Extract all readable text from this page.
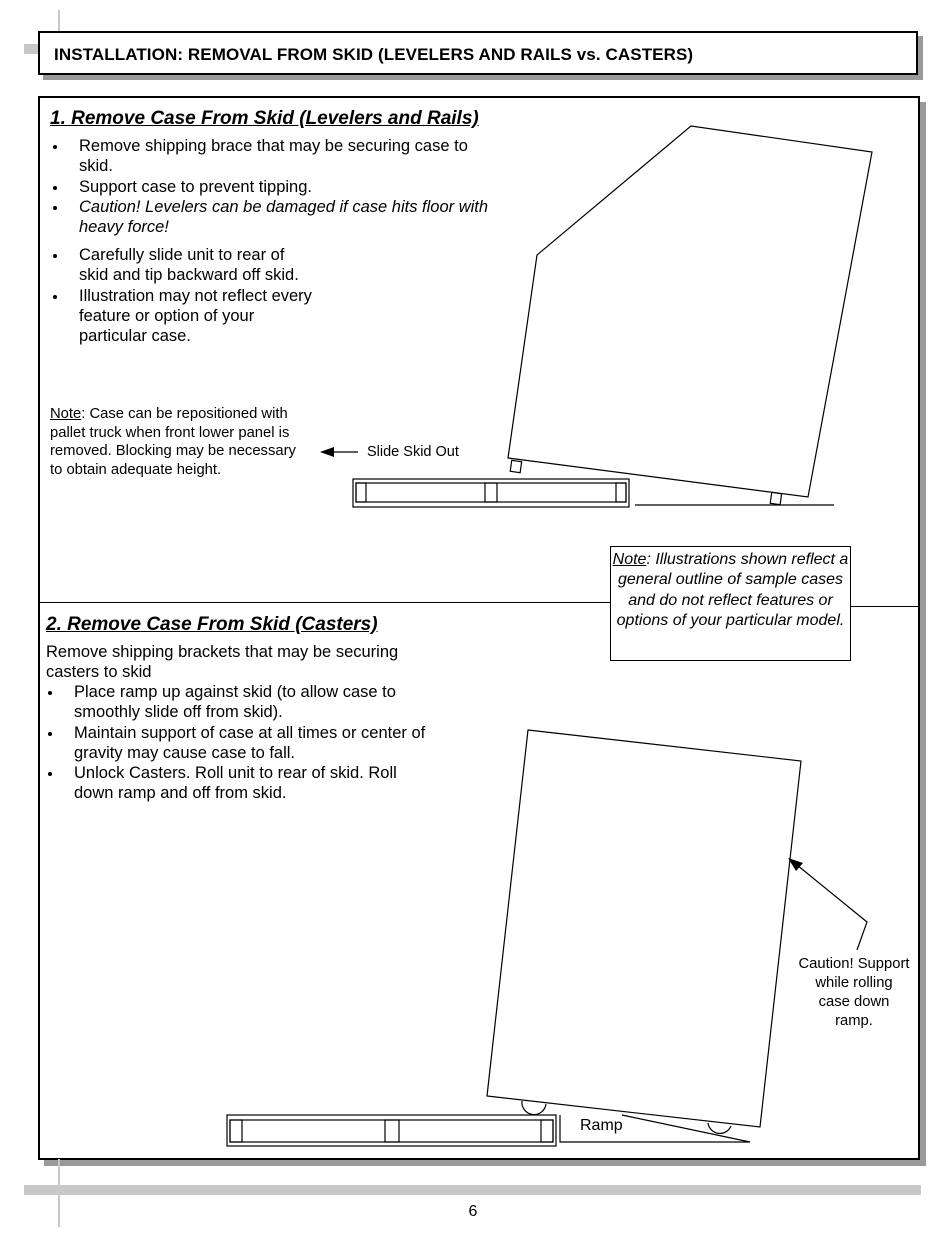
INSTALLATION: REMOVAL FROM SKID (LEVELERS AND RAILS vs. CASTERS)
1. Remove Case From Skid (Levelers and Rails)
Remove shipping brace that may be securing case to skid.
Support case to prevent tipping.
Caution! Levelers can be damaged if case hits floor with heavy force!
Carefully slide unit to rear of skid and tip backward off skid.
Illustration may not reflect every feature or option of your particular case.
Note: Case can be repositioned with pallet truck when front lower panel is removed. Blocking may be necessary to obtain adequate height.
Slide Skid Out
Note: Illustrations shown reflect a general outline of sample cases and do not reflect features or options of your particular model.
2. Remove Case From Skid (Casters)
Remove shipping brackets that may be securing casters to skid
Place ramp up against skid (to allow case to smoothly slide off from skid).
Maintain support of case at all times or center of gravity may cause case to fall.
Unlock Casters. Roll unit to rear of skid. Roll down ramp and off from skid.
Caution! Support while rolling case down ramp.
Ramp
6
